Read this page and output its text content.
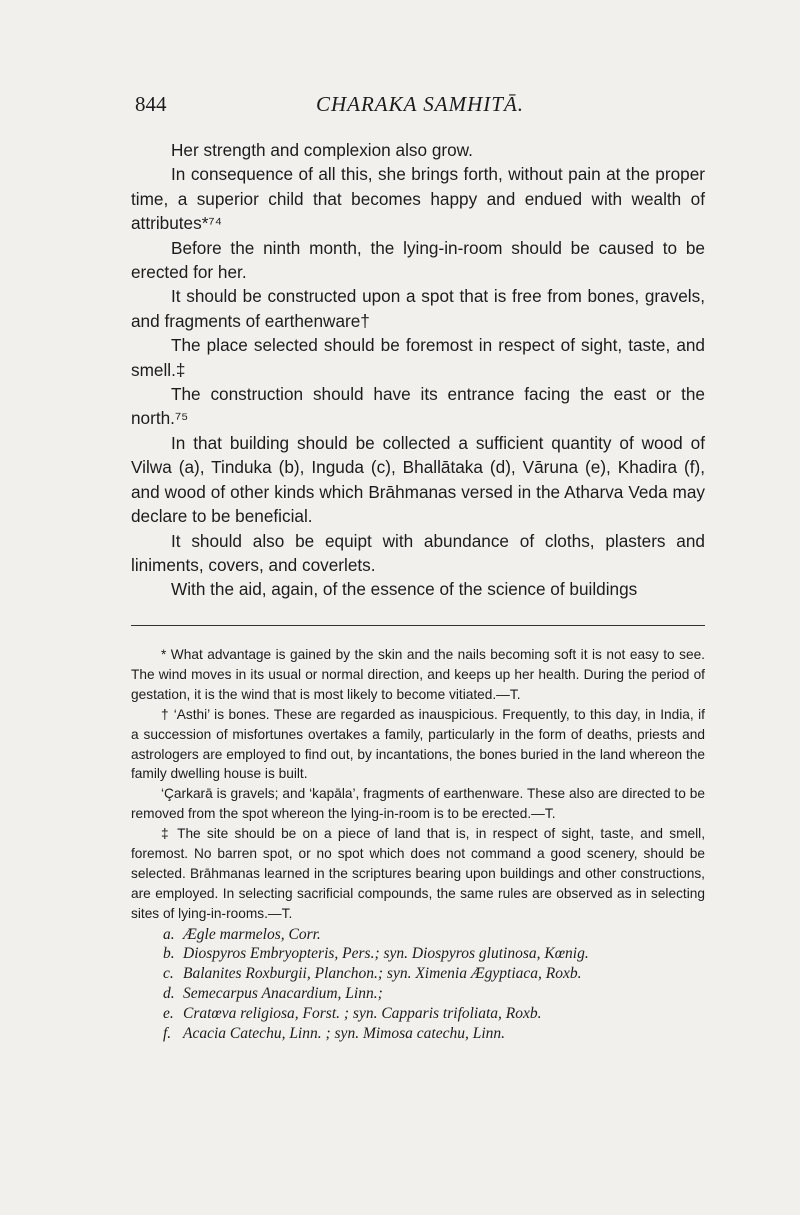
844	CHARAKA SAMHITĀ.

Her strength and complexion also grow.

In consequence of all this, she brings forth, without pain at the proper time, a superior child that becomes happy and endued with wealth of attributes*⁷⁴

Before the ninth month, the lying-in-room should be caused to be erected for her.

It should be constructed upon a spot that is free from bones, gravels, and fragments of earthenware†

The place selected should be foremost in respect of sight, taste, and smell.‡

The construction should have its entrance facing the east or the north.⁷⁵

In that building should be collected a sufficient quantity of wood of Vilwa (a), Tinduka (b), Inguda (c), Bhallātaka (d), Vāruna (e), Khadira (f), and wood of other kinds which Brāhmanas versed in the Atharva Veda may declare to be beneficial.

It should also be equipt with abundance of cloths, plasters and liniments, covers, and coverlets.

With the aid, again, of the essence of the science of buildings

* What advantage is gained by the skin and the nails becoming soft it is not easy to see. The wind moves in its usual or normal direction, and keeps up her health. During the period of gestation, it is the wind that is most likely to become vitiated.—T.

† ‘Asthi’ is bones. These are regarded as inauspicious. Frequently, to this day, in India, if a succession of misfortunes overtakes a family, particularly in the form of deaths, priests and astrologers are employed to find out, by incantations, the bones buried in the land whereon the family dwelling house is built.

‘Çarkarā is gravels; and ‘kapāla’, fragments of earthenware. These also are directed to be removed from the spot whereon the lying-in-room is to be erected.—T.

‡ The site should be on a piece of land that is, in respect of sight, taste, and smell, foremost. No barren spot, or no spot which does not command a good scenery, should be selected. Brāhmanas learned in the scriptures bearing upon buildings and other constructions, are employed. In selecting sacrificial compounds, the same rules are observed as in selecting sites of lying-in-rooms.—T.

a. Ægle marmelos, Corr.
b. Diospyros Embryopteris, Pers.; syn. Diospyros glutinosa, Kœnig.
c. Balanites Roxburgii, Planchon.; syn. Ximenia Ægyptiaca, Roxb.
d. Semecarpus Anacardium, Linn.;
e. Cratœva religiosa, Forst. ; syn. Capparis trifoliata, Roxb.
f. Acacia Catechu, Linn. ; syn. Mimosa catechu, Linn.
